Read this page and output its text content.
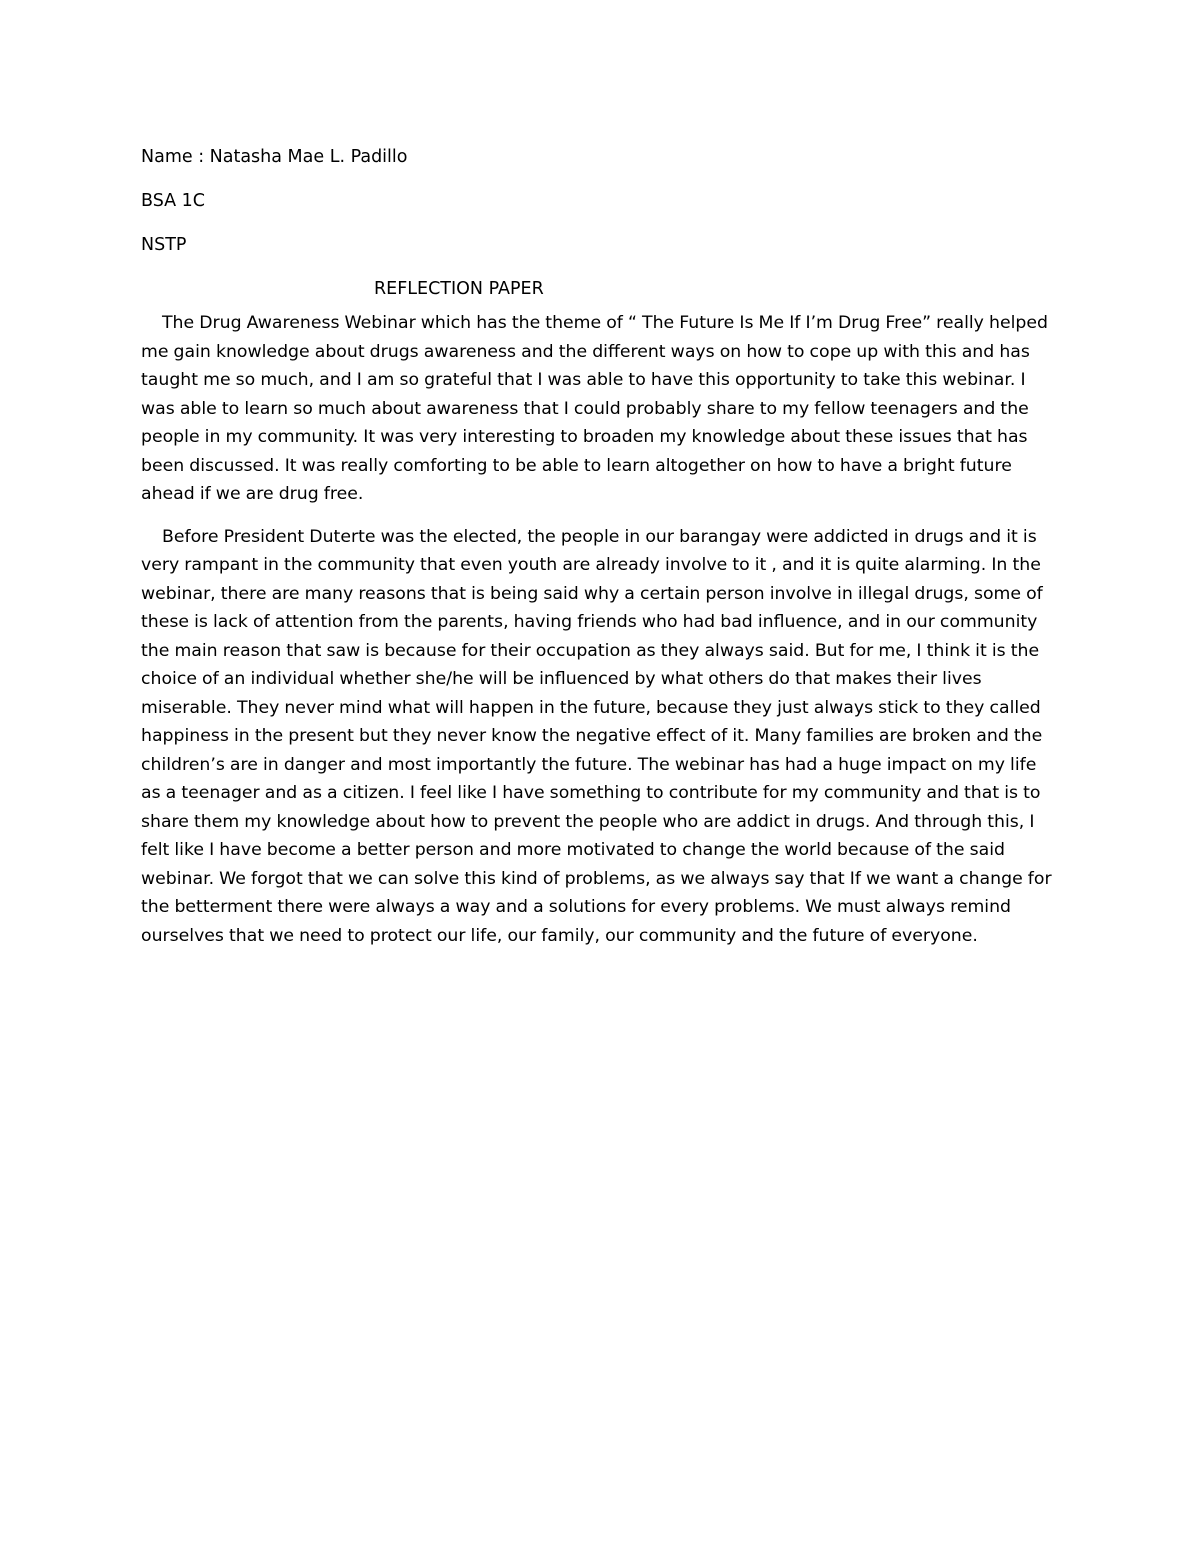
Name : Natasha Mae L. Padillo
BSA 1C
NSTP
REFLECTION PAPER

The Drug Awareness Webinar which has the theme of “ The Future Is Me If I’m Drug Free” really helped me gain knowledge about drugs awareness and the different ways on how to cope up with this and has taught me so much, and I am so grateful that I was able to have this opportunity to take this webinar. I was able to learn so much about awareness that I could probably share to my fellow teenagers and the people in my community. It was very interesting to broaden my knowledge about these issues that has been discussed. It was really comforting to be able to learn altogether on how to have a bright future ahead if we are drug free.

Before President Duterte was the elected, the people in our barangay were addicted in drugs and it is very rampant in the community that even youth are already involve to it , and it is quite alarming. In the webinar, there are many reasons that is being said why a certain person involve in illegal drugs, some of these is lack of attention from the parents, having friends who had bad influence, and in our community the main reason that saw is because for their occupation as they always said. But for me, I think it is the choice of an individual whether she/he will be influenced by what others do that makes their lives miserable. They never mind what will happen in the future, because they just always stick to they called happiness in the present but they never know the negative effect of it. Many families are broken and the children’s are in danger and most importantly the future. The webinar has had a huge impact on my life as a teenager and as a citizen. I feel like I have something to contribute for my community and that is to share them my knowledge about how to prevent the people who are addict in drugs. And through this, I felt like I have become a better person and more motivated to change the world because of the said webinar. We forgot that we can solve this kind of problems, as we always say that If we want a change for the betterment there were always a way and a solutions for every problems. We must always remind ourselves that we need to protect our life, our family, our community and the future of everyone.
